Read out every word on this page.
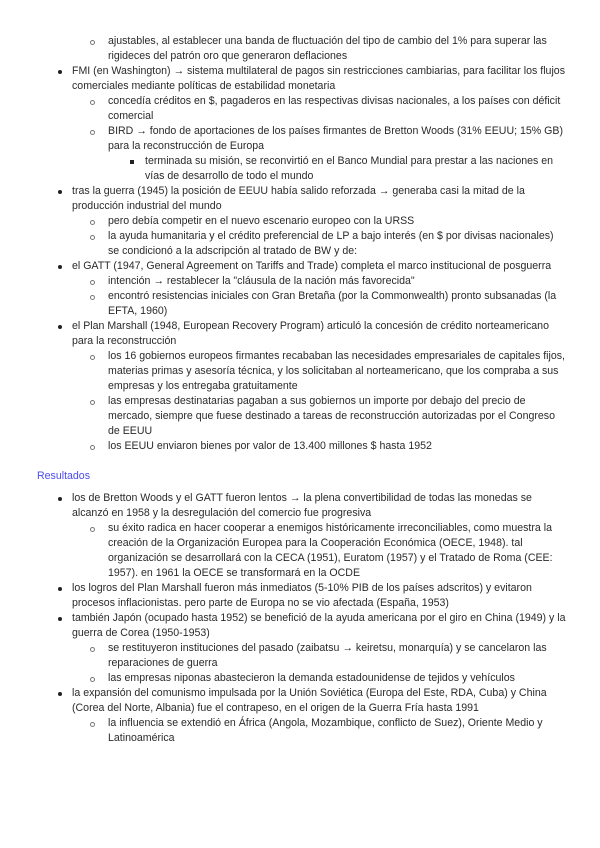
ajustables, al establecer una banda de fluctuación del tipo de cambio del 1% para superar las rigideces del patrón oro que generaron deflaciones
FMI (en Washington) → sistema multilateral de pagos sin restricciones cambiarias, para facilitar los flujos comerciales mediante políticas de estabilidad monetaria
concedía créditos en $, pagaderos en las respectivas divisas nacionales, a los países con déficit comercial
BIRD → fondo de aportaciones de los países firmantes de Bretton Woods (31% EEUU; 15% GB) para la reconstrucción de Europa
terminada su misión, se reconvirtió en el Banco Mundial para prestar a las naciones en vías de desarrollo de todo el mundo
tras la guerra (1945) la posición de EEUU había salido reforzada → generaba casi la mitad de la producción industrial del mundo
pero debía competir en el nuevo escenario europeo con la URSS
la ayuda humanitaria y el crédito preferencial de LP a bajo interés (en $ por divisas nacionales) se condicionó a la adscripción al tratado de BW y de:
el GATT (1947, General Agreement on Tariffs and Trade) completa el marco institucional de posguerra
intención → restablecer la "cláusula de la nación más favorecida"
encontró resistencias iniciales con Gran Bretaña (por la Commonwealth) pronto subsanadas (la EFTA, 1960)
el Plan Marshall (1948, European Recovery Program) articuló la concesión de crédito norteamericano para la reconstrucción
los 16 gobiernos europeos firmantes recababan las necesidades empresariales de capitales fijos, materias primas y asesoría técnica, y los solicitaban al norteamericano, que los compraba a sus empresas y los entregaba gratuitamente
las empresas destinatarias pagaban a sus gobiernos un importe por debajo del precio de mercado, siempre que fuese destinado a tareas de reconstrucción autorizadas por el Congreso de EEUU
los EEUU enviaron bienes por valor de 13.400 millones $ hasta 1952
Resultados
los de Bretton Woods y el GATT fueron lentos → la plena convertibilidad de todas las monedas se alcanzó en 1958 y la desregulación del comercio fue progresiva
su éxito radica en hacer cooperar a enemigos históricamente irreconciliables, como muestra la creación de la Organización Europea para la Cooperación Económica (OECE, 1948). tal organización se desarrollará con la CECA (1951), Euratom (1957) y el Tratado de Roma (CEE: 1957). en 1961 la OECE se transformará en la OCDE
los logros del Plan Marshall fueron más inmediatos (5-10% PIB de los países adscritos) y evitaron procesos inflacionistas. pero parte de Europa no se vio afectada (España, 1953)
también Japón (ocupado hasta 1952) se benefició de la ayuda americana por el giro en China (1949) y la guerra de Corea (1950-1953)
se restituyeron instituciones del pasado (zaibatsu → keiretsu, monarquía) y se cancelaron las reparaciones de guerra
las empresas niponas abastecieron la demanda estadounidense de tejidos y vehículos
la expansión del comunismo impulsada por la Unión Soviética (Europa del Este, RDA, Cuba) y China (Corea del Norte, Albania) fue el contrapeso, en el origen de la Guerra Fría hasta 1991
la influencia se extendió en África (Angola, Mozambique, conflicto de Suez), Oriente Medio y Latinoamérica
